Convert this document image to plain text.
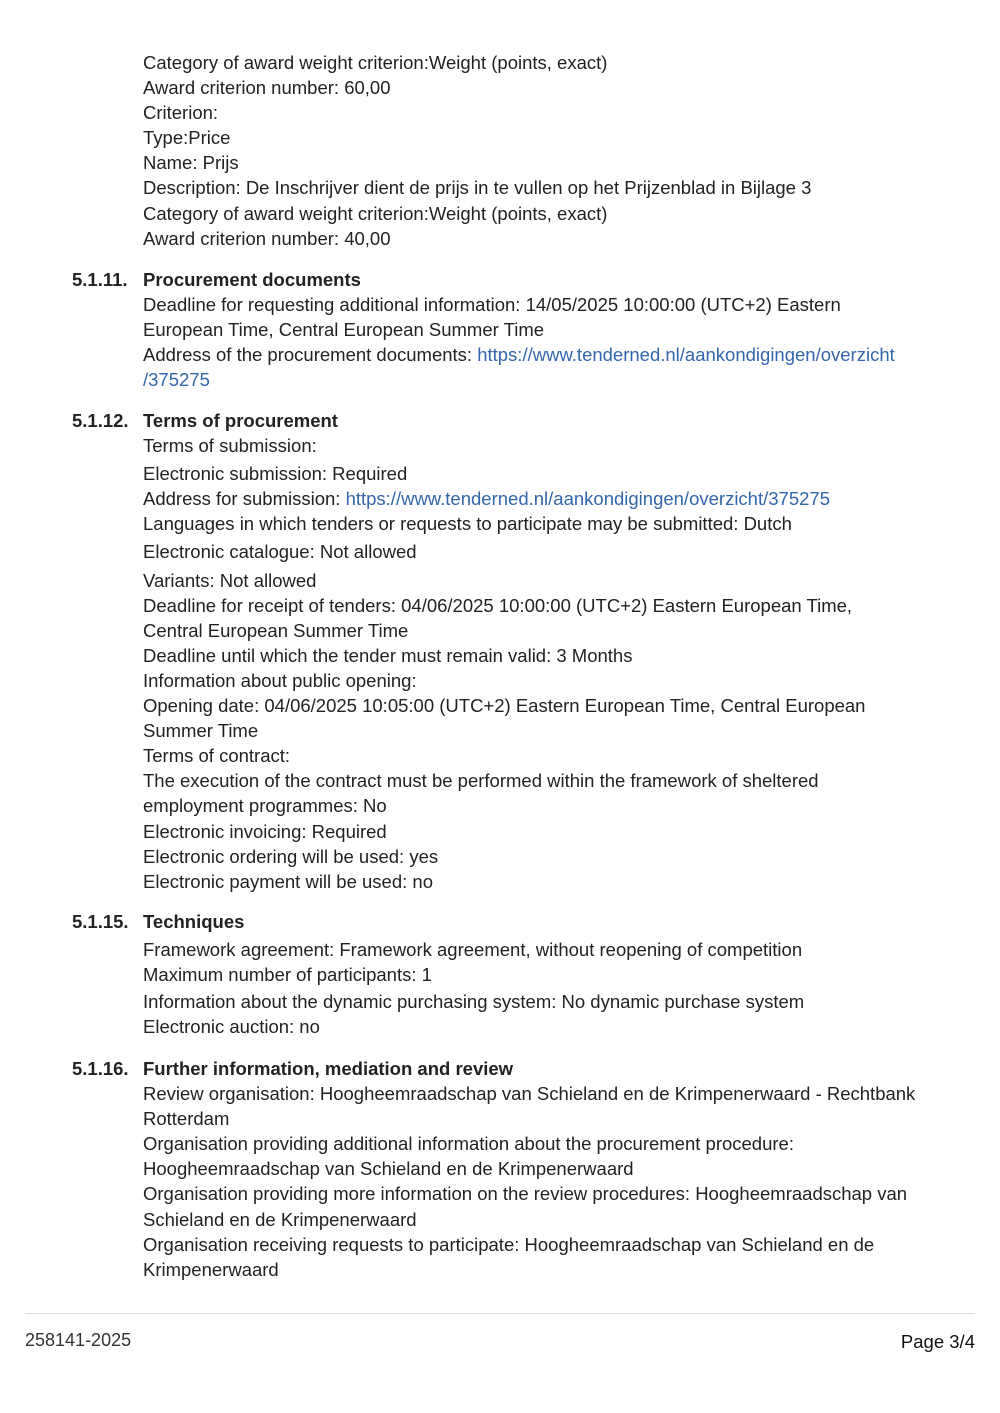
Category of award weight criterion:Weight (points, exact)
Award criterion number: 60,00
Criterion:
Type:Price
Name: Prijs
Description: De Inschrijver dient de prijs in te vullen op het Prijzenblad in Bijlage 3
Category of award weight criterion:Weight (points, exact)
Award criterion number: 40,00
5.1.11. Procurement documents
Deadline for requesting additional information: 14/05/2025 10:00:00 (UTC+2) Eastern
European Time, Central European Summer Time
Address of the procurement documents: https://www.tenderned.nl/aankondigingen/overzicht
/375275
5.1.12. Terms of procurement
Terms of submission:
Electronic submission: Required
Address for submission: https://www.tenderned.nl/aankondigingen/overzicht/375275
Languages in which tenders or requests to participate may be submitted: Dutch
Electronic catalogue: Not allowed
Variants: Not allowed
Deadline for receipt of tenders: 04/06/2025 10:00:00 (UTC+2) Eastern European Time,
Central European Summer Time
Deadline until which the tender must remain valid: 3 Months
Information about public opening:
Opening date: 04/06/2025 10:05:00 (UTC+2) Eastern European Time, Central European
Summer Time
Terms of contract:
The execution of the contract must be performed within the framework of sheltered
employment programmes: No
Electronic invoicing: Required
Electronic ordering will be used: yes
Electronic payment will be used: no
5.1.15. Techniques
Framework agreement: Framework agreement, without reopening of competition
Maximum number of participants: 1
Information about the dynamic purchasing system: No dynamic purchase system
Electronic auction: no
5.1.16. Further information, mediation and review
Review organisation: Hoogheemraadschap van Schieland en de Krimpenerwaard - Rechtbank
Rotterdam
Organisation providing additional information about the procurement procedure:
Hoogheemraadschap van Schieland en de Krimpenerwaard
Organisation providing more information on the review procedures: Hoogheemraadschap van
Schieland en de Krimpenerwaard
Organisation receiving requests to participate: Hoogheemraadschap van Schieland en de
Krimpenerwaard
258141-2025	Page 3/4
